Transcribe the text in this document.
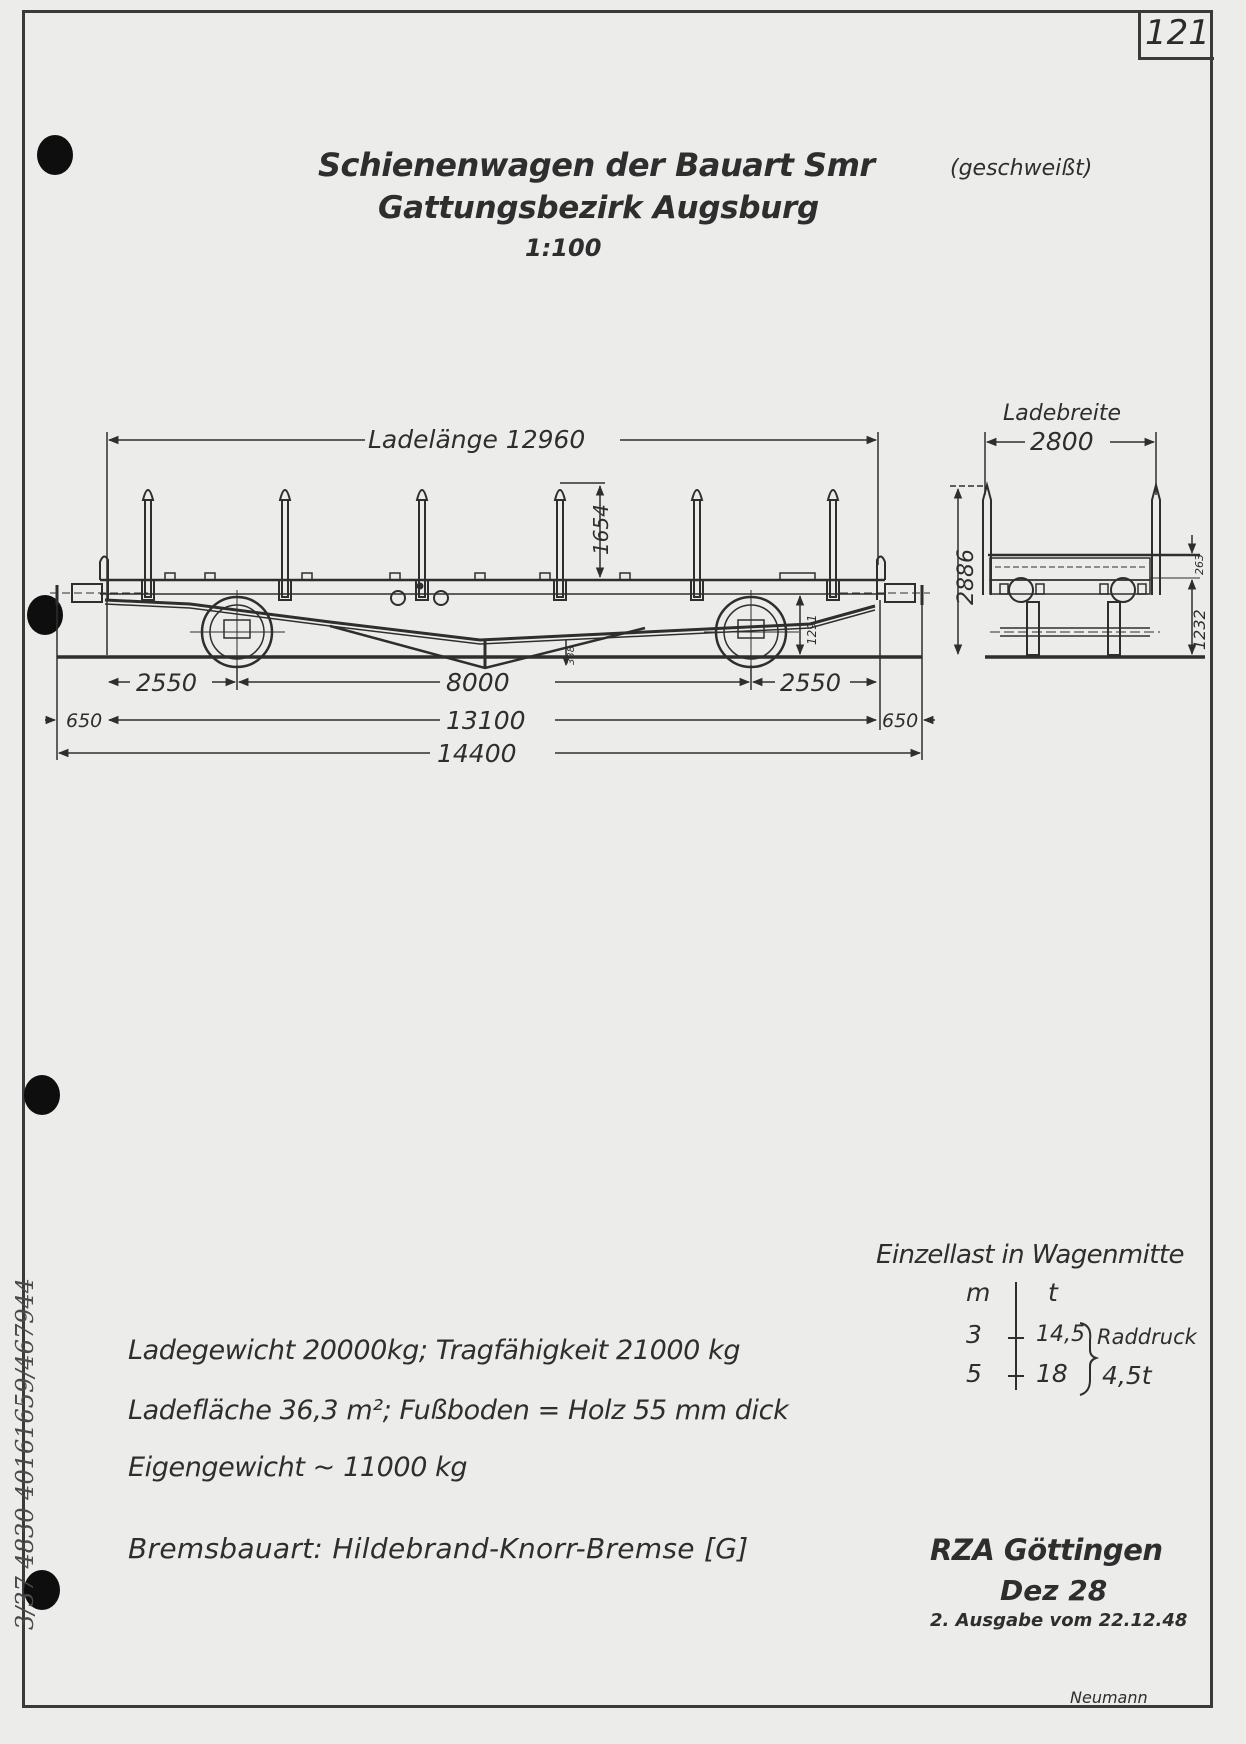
121
3/37 4830 40161659/467944
Schienenwagen der Bauart Smr	(geschweißt)
Gattungsbezirk Augsburg
1:100
Ladelänge 12960
1654
1291
338
2550	8000	2550
650	13100	650
14400
Ladebreite
2800
2886	263
1232
Ladegewicht 20000kg; Tragfähigkeit 21000 kg
Ladefläche 36,3 m²; Fußboden = Holz 55 mm dick
Eigengewicht ~ 11000 kg
Bremsbauart: Hildebrand-Knorr-Bremse [G]
Einzellast in Wagenmitte
m t
3 14,5
5 18
Raddruck
4,5t
RZA Göttingen
Dez 28
2. Ausgabe vom 22.12.48
Neumann
